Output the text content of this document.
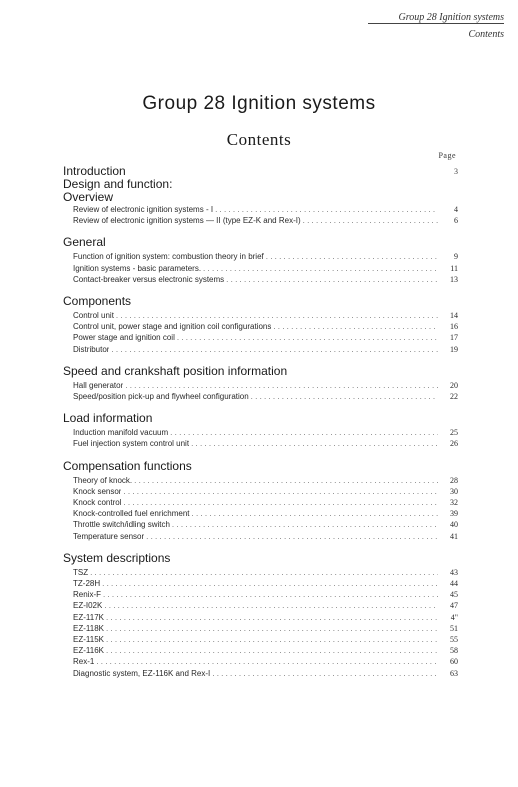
Group 28 Ignition systems
Contents
Group 28 Ignition systems
Contents
Page
Introduction	3
Design and function:
Overview
Review of electronic ignition systems - I . . .	4
Review of electronic ignition systems — II (type EZ-K and Rex-I) . . .	6
General
Function of ignition system: combustion theory in brief . . .	9
Ignition systems - basic parameters. . . .	11
Contact-breaker versus electronic systems . . .	13
Components
Control unit . . .	14
Control unit, power stage and ignition coil configurations . . .	16
Power stage and ignition coil . . .	17
Distributor . . .	19
Speed and crankshaft position information
Hall generator . . .	20
Speed/position pick-up and flywheel configuration . . .	22
Load information
Induction manifold vacuum . . .	25
Fuel injection system control unit . . .	26
Compensation functions
Theory of knock. . . .	28
Knock sensor . . .	30
Knock control . . .	32
Knock-controlled fuel enrichment . . .	39
Throttle switch/idling switch . . .	40
Temperature sensor . . .	41
System descriptions
TSZ . . .	43
TZ-28H . . .	44
Renix-F . . .	45
EZ-I02K . . .	47
EZ-117K . . .	4"
EZ-118K . . .	51
EZ-115K . . .	55
EZ-116K . . .	58
Rex-1 . . .	60
Diagnostic system, EZ-116K and Rex-I . . .	63
